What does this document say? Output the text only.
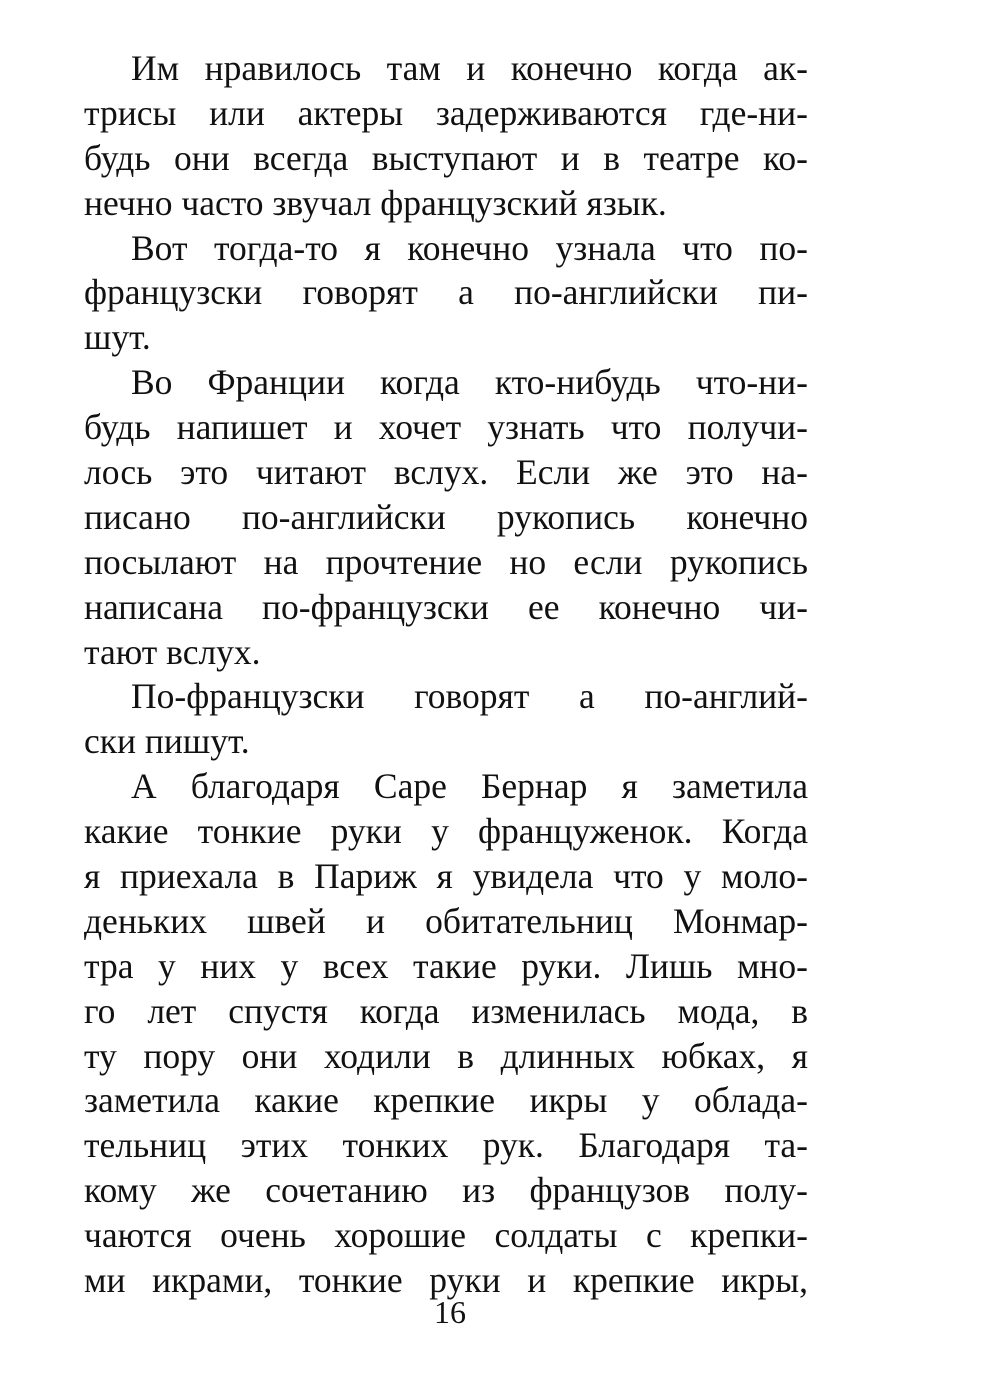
Им нравилось там и конечно когда ак-
трисы или актеры задерживаются где-ни-
будь они всегда выступают и в театре ко-
нечно часто звучал французский язык.
Вот тогда-то я конечно узнала что по-
французски говорят а по-английски пи-
шут.
Во Франции когда кто-нибудь что-ни-
будь напишет и хочет узнать что получи-
лось это читают вслух. Если же это на-
писано по-английски рукопись конечно
посылают на прочтение но если рукопись
написана по-французски ее конечно чи-
тают вслух.
По-французски говорят а по-англий-
ски пишут.
А благодаря Саре Бернар я заметила
какие тонкие руки у француженок. Когда
я приехала в Париж я увидела что у моло-
деньких швей и обитательниц Монмар-
тра у них у всех такие руки. Лишь мно-
го лет спустя когда изменилась мода, в
ту пору они ходили в длинных юбках, я
заметила какие крепкие икры у облада-
тельниц этих тонких рук. Благодаря та-
кому же сочетанию из французов полу-
чаются очень хорошие солдаты с крепки-
ми икрами, тонкие руки и крепкие икры,
16
